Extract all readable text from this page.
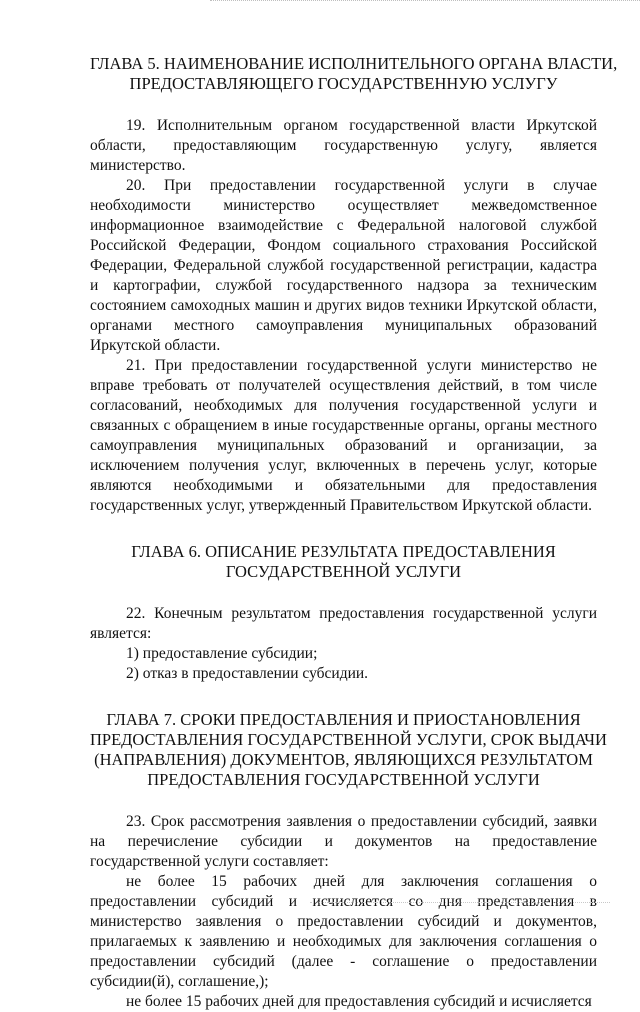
ГЛАВА 5. НАИМЕНОВАНИЕ ИСПОЛНИТЕЛЬНОГО ОРГАНА ВЛАСТИ,
ПРЕДОСТАВЛЯЮЩЕГО ГОСУДАРСТВЕННУЮ УСЛУГУ

19. Исполнительным органом государственной власти Иркутской области, предоставляющим государственную услугу, является министерство.

20. При предоставлении государственной услуги в случае необходимости министерство осуществляет межведомственное информационное взаимодействие с Федеральной налоговой службой Российской Федерации, Фондом социального страхования Российской Федерации, Федеральной службой государственной регистрации, кадастра и картографии, службой государственного надзора за техническим состоянием самоходных машин и других видов техники Иркутской области, органами местного самоуправления муниципальных образований Иркутской области.

21. При предоставлении государственной услуги министерство не вправе требовать от получателей осуществления действий, в том числе согласований, необходимых для получения государственной услуги и связанных с обращением в иные государственные органы, органы местного самоуправления муниципальных образований и организации, за исключением получения услуг, включенных в перечень услуг, которые являются необходимыми и обязательными для предоставления государственных услуг, утвержденный Правительством Иркутской области.

ГЛАВА 6. ОПИСАНИЕ РЕЗУЛЬТАТА ПРЕДОСТАВЛЕНИЯ
ГОСУДАРСТВЕННОЙ УСЛУГИ

22. Конечным результатом предоставления государственной услуги является:

1) предоставление субсидии;

2) отказ в предоставлении субсидии.

ГЛАВА 7. СРОКИ ПРЕДОСТАВЛЕНИЯ И ПРИОСТАНОВЛЕНИЯ
ПРЕДОСТАВЛЕНИЯ ГОСУДАРСТВЕННОЙ УСЛУГИ, СРОК ВЫДАЧИ
(НАПРАВЛЕНИЯ) ДОКУМЕНТОВ, ЯВЛЯЮЩИХСЯ РЕЗУЛЬТАТОМ
ПРЕДОСТАВЛЕНИЯ ГОСУДАРСТВЕННОЙ УСЛУГИ

23. Срок рассмотрения заявления о предоставлении субсидий, заявки на перечисление субсидии и документов на предоставление государственной услуги составляет:

не более 15 рабочих дней для заключения соглашения о предоставлении субсидий и исчисляется со дня представления в министерство заявления о предоставлении субсидий и документов, прилагаемых к заявлению и необходимых для заключения соглашения о предоставлении субсидий (далее - соглашение о предоставлении субсидии(й), соглашение,);

не более 15 рабочих дней для предоставления субсидий и исчисляется
